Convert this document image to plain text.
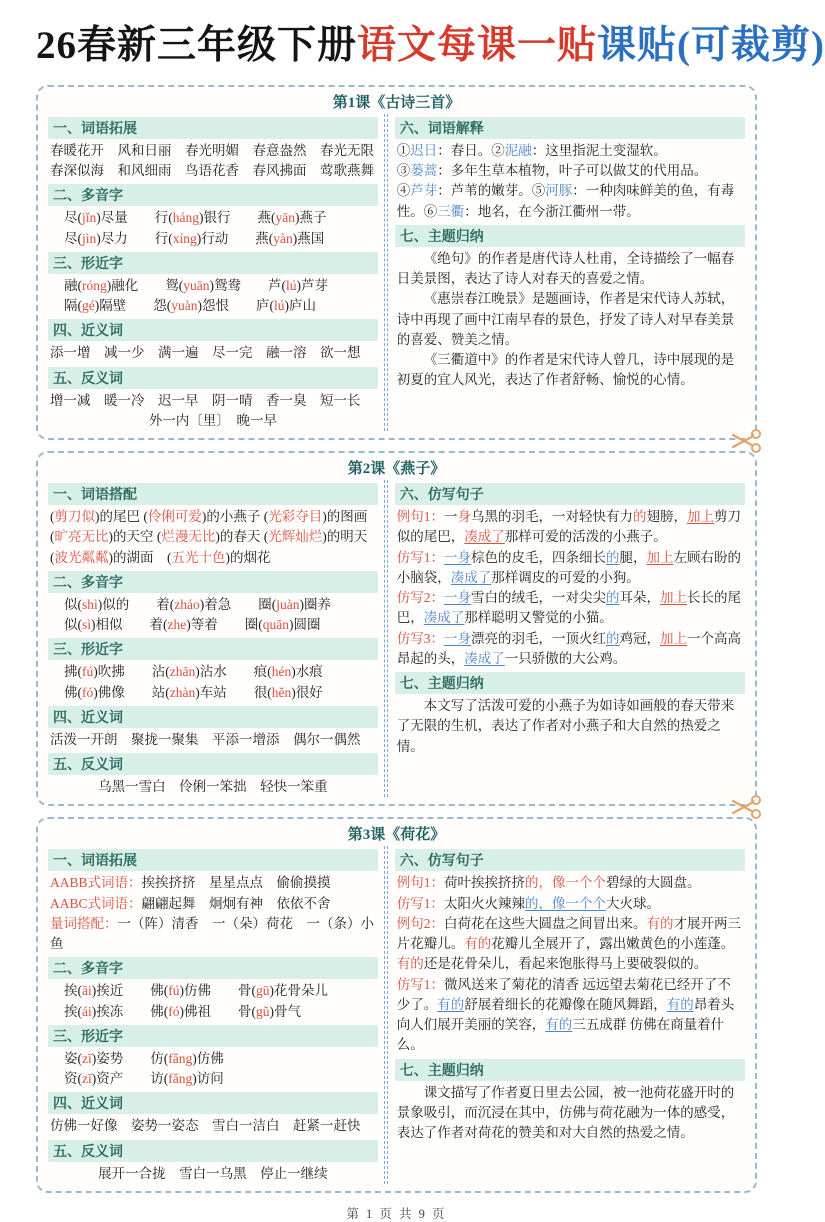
26春新三年级下册语文每课一贴课贴(可裁剪)
第1课《古诗三首》
一、词语拓展
春暖花开　风和日丽　春光明媚　春意盎然　春光无限
春深似海　和风细雨　鸟语花香　春风拂面　莺歌燕舞
二、多音字
尽(jǐn)尽量　　行(háng)银行　　燕(yān)燕子
尽(jìn)尽力　　行(xíng)行动　　燕(yàn)燕国
三、形近字
融(róng)融化　　鸳(yuān)鸳鸯　　芦(lú)芦芽
隔(gé)隔壁　　怨(yuàn)怨恨　　庐(lú)庐山
四、近义词
添一增　减一少　满一遍　尽一完　融一溶　欲一想
五、反义词
增一减　暖一冷　迟一早　阴一晴　香一臭　短一长
外一内〔里〕　晚一早
六、词语解释
①迟日：春日。②泥融：这里指泥土变湿软。
③蒌蒿：多年生草本植物，叶子可以做艾的代用品。
④芦芽：芦苇的嫩芽。⑤河豚：一种肉味鲜美的鱼，有毒性。⑥三衢：地名，在今浙江衢州一带。
七、主题归纳
《绝句》的作者是唐代诗人杜甫，全诗描绘了一幅春日美景图，表达了诗人对春天的喜爱之情。
《惠崇春江晚景》是题画诗，作者是宋代诗人苏轼，诗中再现了画中江南早春的景色，抒发了诗人对早春美景的喜爱、赞美之情。
《三衢道中》的作者是宋代诗人曾几，诗中展现的是初夏的宜人风光，表达了作者舒畅、愉悦的心情。
第2课《燕子》
一、词语搭配
(剪刀似)的尾巴 (伶俐可爱)的小燕子 (光彩夺目)的图画
(旷亮无比)的天空 (烂漫无比)的春天 (光辉灿烂)的明天
(波光粼粼)的湖面　(五光十色)的烟花
二、多音字
似(shì)似的　　着(zháo)着急　　圈(juàn)圈养
似(sì)相似　　着(zhe)等着　　圈(quān)圆圈
三、形近字
拂(fú)吹拂　　沾(zhān)沾水　　痕(hén)水痕
佛(fó)佛像　　站(zhàn)车站　　很(hěn)很好
四、近义词
活泼一开朗　聚拢一聚集　平添一增添　偶尔一偶然
五、反义词
乌黑一雪白　伶俐一笨拙　轻快一笨重
六、仿写句子
例句1：一身乌黑的羽毛，一对轻快有力的翅膀，加上剪刀似的尾巴，凑成了那样可爱的活泼的小燕子。
仿写1：一身棕色的皮毛，四条细长的腿，加上左顾右盼的小脑袋，凑成了那样调皮的可爱的小狗。
仿写2：一身雪白的绒毛，一对尖尖的耳朵，加上长长的尾巴，凑成了那样聪明又警觉的小猫。
仿写3：一身漂亮的羽毛，一顶火红的鸡冠，加上一个高高昂起的头，凑成了一只骄傲的大公鸡。
七、主题归纳
本文写了活泼可爱的小燕子为如诗如画般的春天带来了无限的生机，表达了作者对小燕子和大自然的热爱之情。
第3课《荷花》
一、词语拓展
AABB式词语：挨挨挤挤　星星点点　偷偷摸摸
AABC式词语：翩翩起舞　炯炯有神　依依不舍
量词搭配：一（阵）清香　一（朵）荷花　一（条）小鱼
二、多音字
挨(āi)挨近　　佛(fú)仿佛　　骨(gū)花骨朵儿
挨(ái)挨冻　　佛(fó)佛祖　　骨(gǔ)骨气
三、形近字
姿(zī)姿势　　仿(fǎng)仿佛
资(zī)资产　　访(fǎng)访问
四、近义词
仿佛一好像　姿势一姿态　雪白一洁白　赶紧一赶快
五、反义词
展开一合拢　雪白一乌黑　停止一继续
六、仿写句子
例句1：荷叶挨挨挤挤的，像一个个碧绿的大圆盘。
仿写1：太阳火火辣辣的，像一个个大火球。
例句2：白荷花在这些大圆盘之间冒出来。有的才展开两三片花瓣儿。有的花瓣儿全展开了，露出嫩黄色的小莲蓬。有的还是花骨朵儿，看起来饱胀得马上要破裂似的。
仿写1：微风送来了菊花的清香 远远望去菊花已经开了不少了。有的舒展着细长的花瓣像在随风舞蹈，有的昂着头向人们展开美丽的笑容，有的三五成群 仿佛在商量着什么。
七、主题归纳
课文描写了作者夏日里去公园，被一池荷花盛开时的景象吸引，而沉浸在其中，仿佛与荷花融为一体的感受，表达了作者对荷花的赞美和对大自然的热爱之情。
第 1 页 共 9 页
